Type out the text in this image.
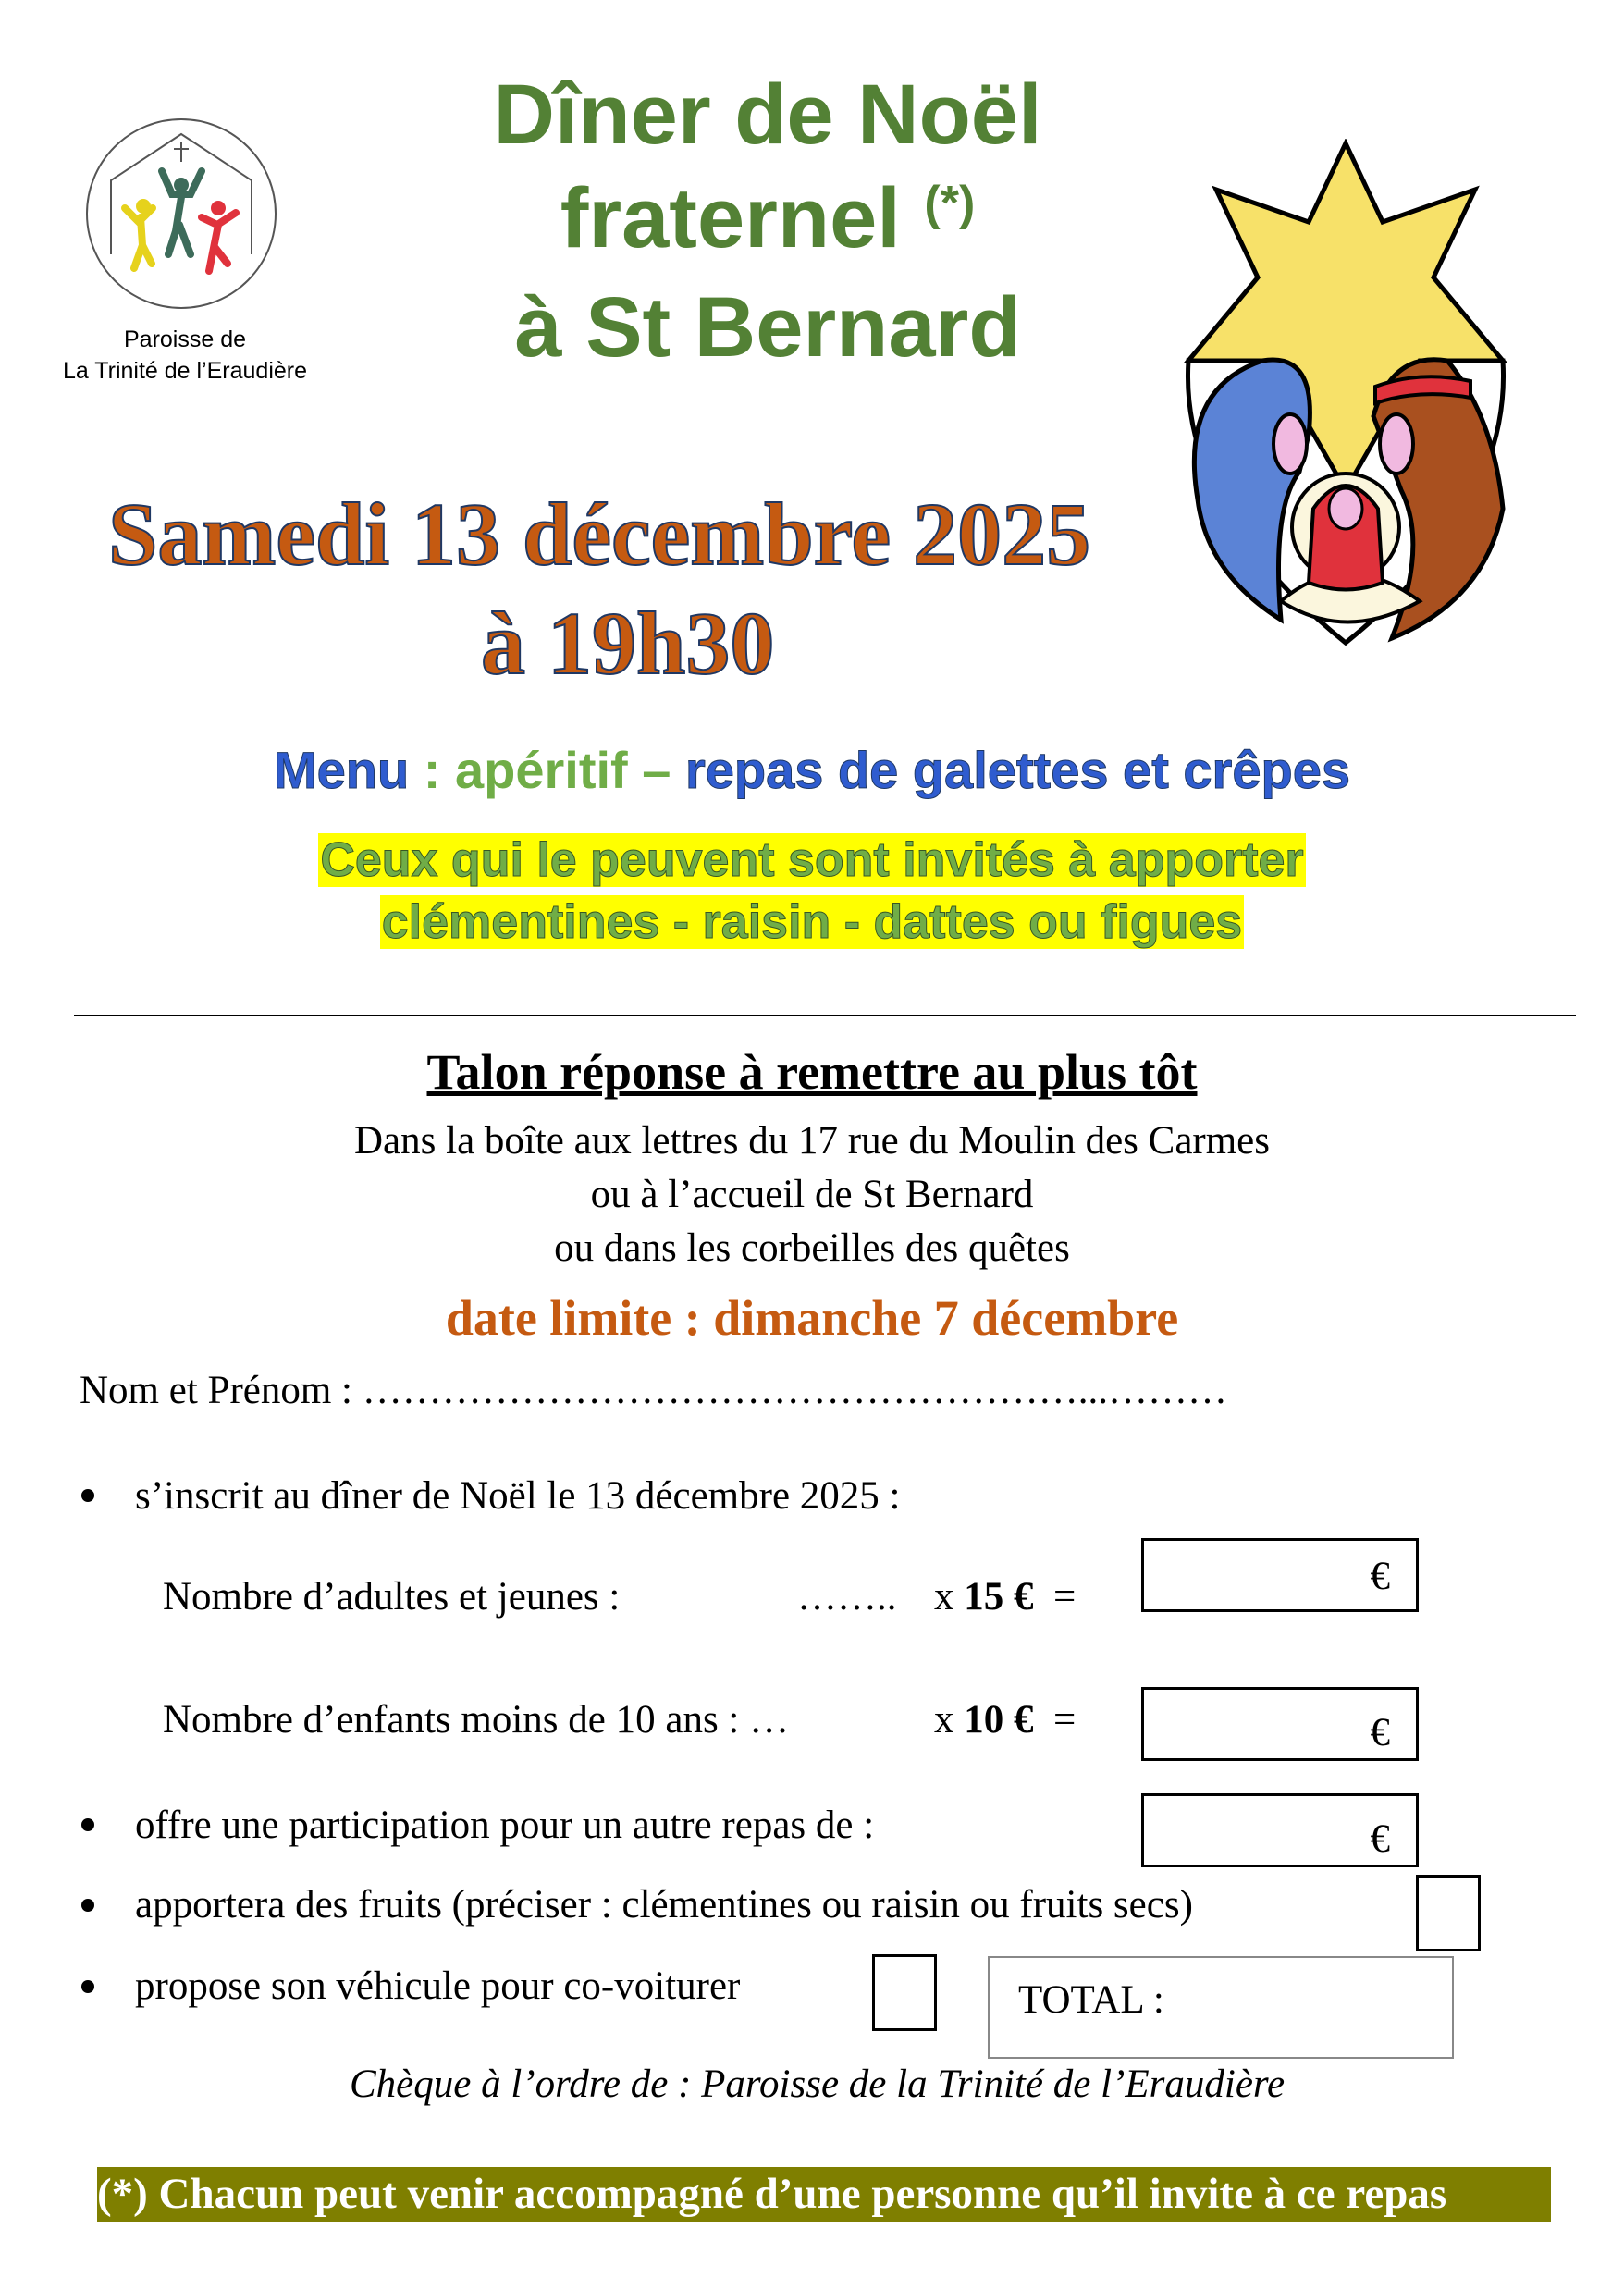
Paroisse de
La Trinité de l’Eraudière
Dîner de Noël
fraternel (*)
à St Bernard
Samedi 13 décembre 2025
à 19h30
Menu : apéritif – repas de galettes et crêpes
Ceux qui le peuvent sont invités à apporter
clémentines - raisin - dattes ou figues
Talon réponse à remettre au plus tôt
Dans la boîte aux lettres du 17 rue du Moulin des Carmes
ou à l’accueil de St Bernard
ou dans les corbeilles des quêtes
date limite : dimanche 7 décembre
Nom et Prénom : ………………………………………………...………
s’inscrit au dîner de Noël le 13 décembre 2025 :
Nombre d’adultes et jeunes :	…….. x 15 € =	€
Nombre d’enfants moins de 10 ans : …	x 10 € =	€
offre une participation pour un autre repas de :	€
apportera des fruits (préciser : clémentines ou raisin ou fruits secs)
propose son véhicule pour co-voiturer	TOTAL :
Chèque à l’ordre de : Paroisse de la Trinité de l’Eraudière
(*) Chacun peut venir accompagné d’une personne qu’il invite à ce repas
